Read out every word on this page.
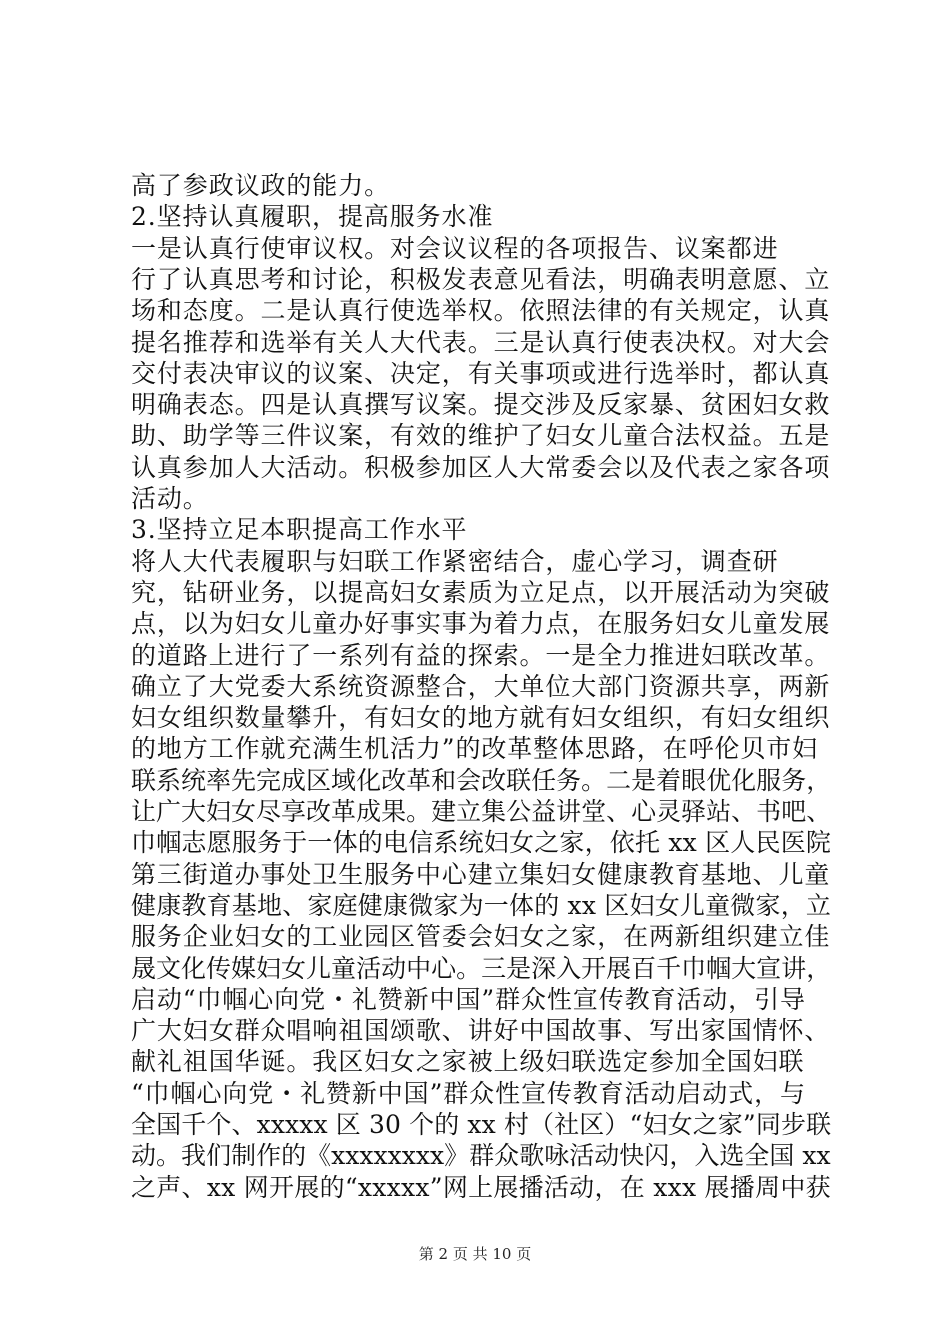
高了参政议政的能力。
2.坚持认真履职，提高服务水准
一是认真行使审议权。对会议议程的各项报告、议案都进
行了认真思考和讨论，积极发表意见看法，明确表明意愿、立
场和态度。二是认真行使选举权。依照法律的有关规定，认真
提名推荐和选举有关人大代表。三是认真行使表决权。对大会
交付表决审议的议案、决定，有关事项或进行选举时，都认真
明确表态。四是认真撰写议案。提交涉及反家暴、贫困妇女救
助、助学等三件议案，有效的维护了妇女儿童合法权益。五是
认真参加人大活动。积极参加区人大常委会以及代表之家各项
活动。
3.坚持立足本职提高工作水平
将人大代表履职与妇联工作紧密结合，虚心学习，调查研
究，钻研业务，以提高妇女素质为立足点，以开展活动为突破
点，以为妇女儿童办好事实事为着力点，在服务妇女儿童发展
的道路上进行了一系列有益的探索。一是全力推进妇联改革。
确立了大党委大系统资源整合，大单位大部门资源共享，两新
妇女组织数量攀升，有妇女的地方就有妇女组织，有妇女组织
的地方工作就充满生机活力”的改革整体思路，在呼伦贝市妇
联系统率先完成区域化改革和会改联任务。二是着眼优化服务，
让广大妇女尽享改革成果。建立集公益讲堂、心灵驿站、书吧、
巾帼志愿服务于一体的电信系统妇女之家，依托 xx 区人民医院
第三街道办事处卫生服务中心建立集妇女健康教育基地、儿童
健康教育基地、家庭健康微家为一体的 xx 区妇女儿童微家，立
服务企业妇女的工业园区管委会妇女之家，在两新组织建立佳
晟文化传媒妇女儿童活动中心。三是深入开展百千巾帼大宣讲，
启动“巾帼心向党・礼赞新中国”群众性宣传教育活动，引导
广大妇女群众唱响祖国颂歌、讲好中国故事、写出家国情怀、
献礼祖国华诞。我区妇女之家被上级妇联选定参加全国妇联
“巾帼心向党・礼赞新中国”群众性宣传教育活动启动式，与
全国千个、xxxxx 区 30 个的 xx 村（社区）“妇女之家”同步联
动。我们制作的《xxxxxxxx》群众歌咏活动快闪，入选全国 xx
之声、xx 网开展的“xxxxx”网上展播活动，在 xxx 展播周中获
第 2 页 共 10 页
